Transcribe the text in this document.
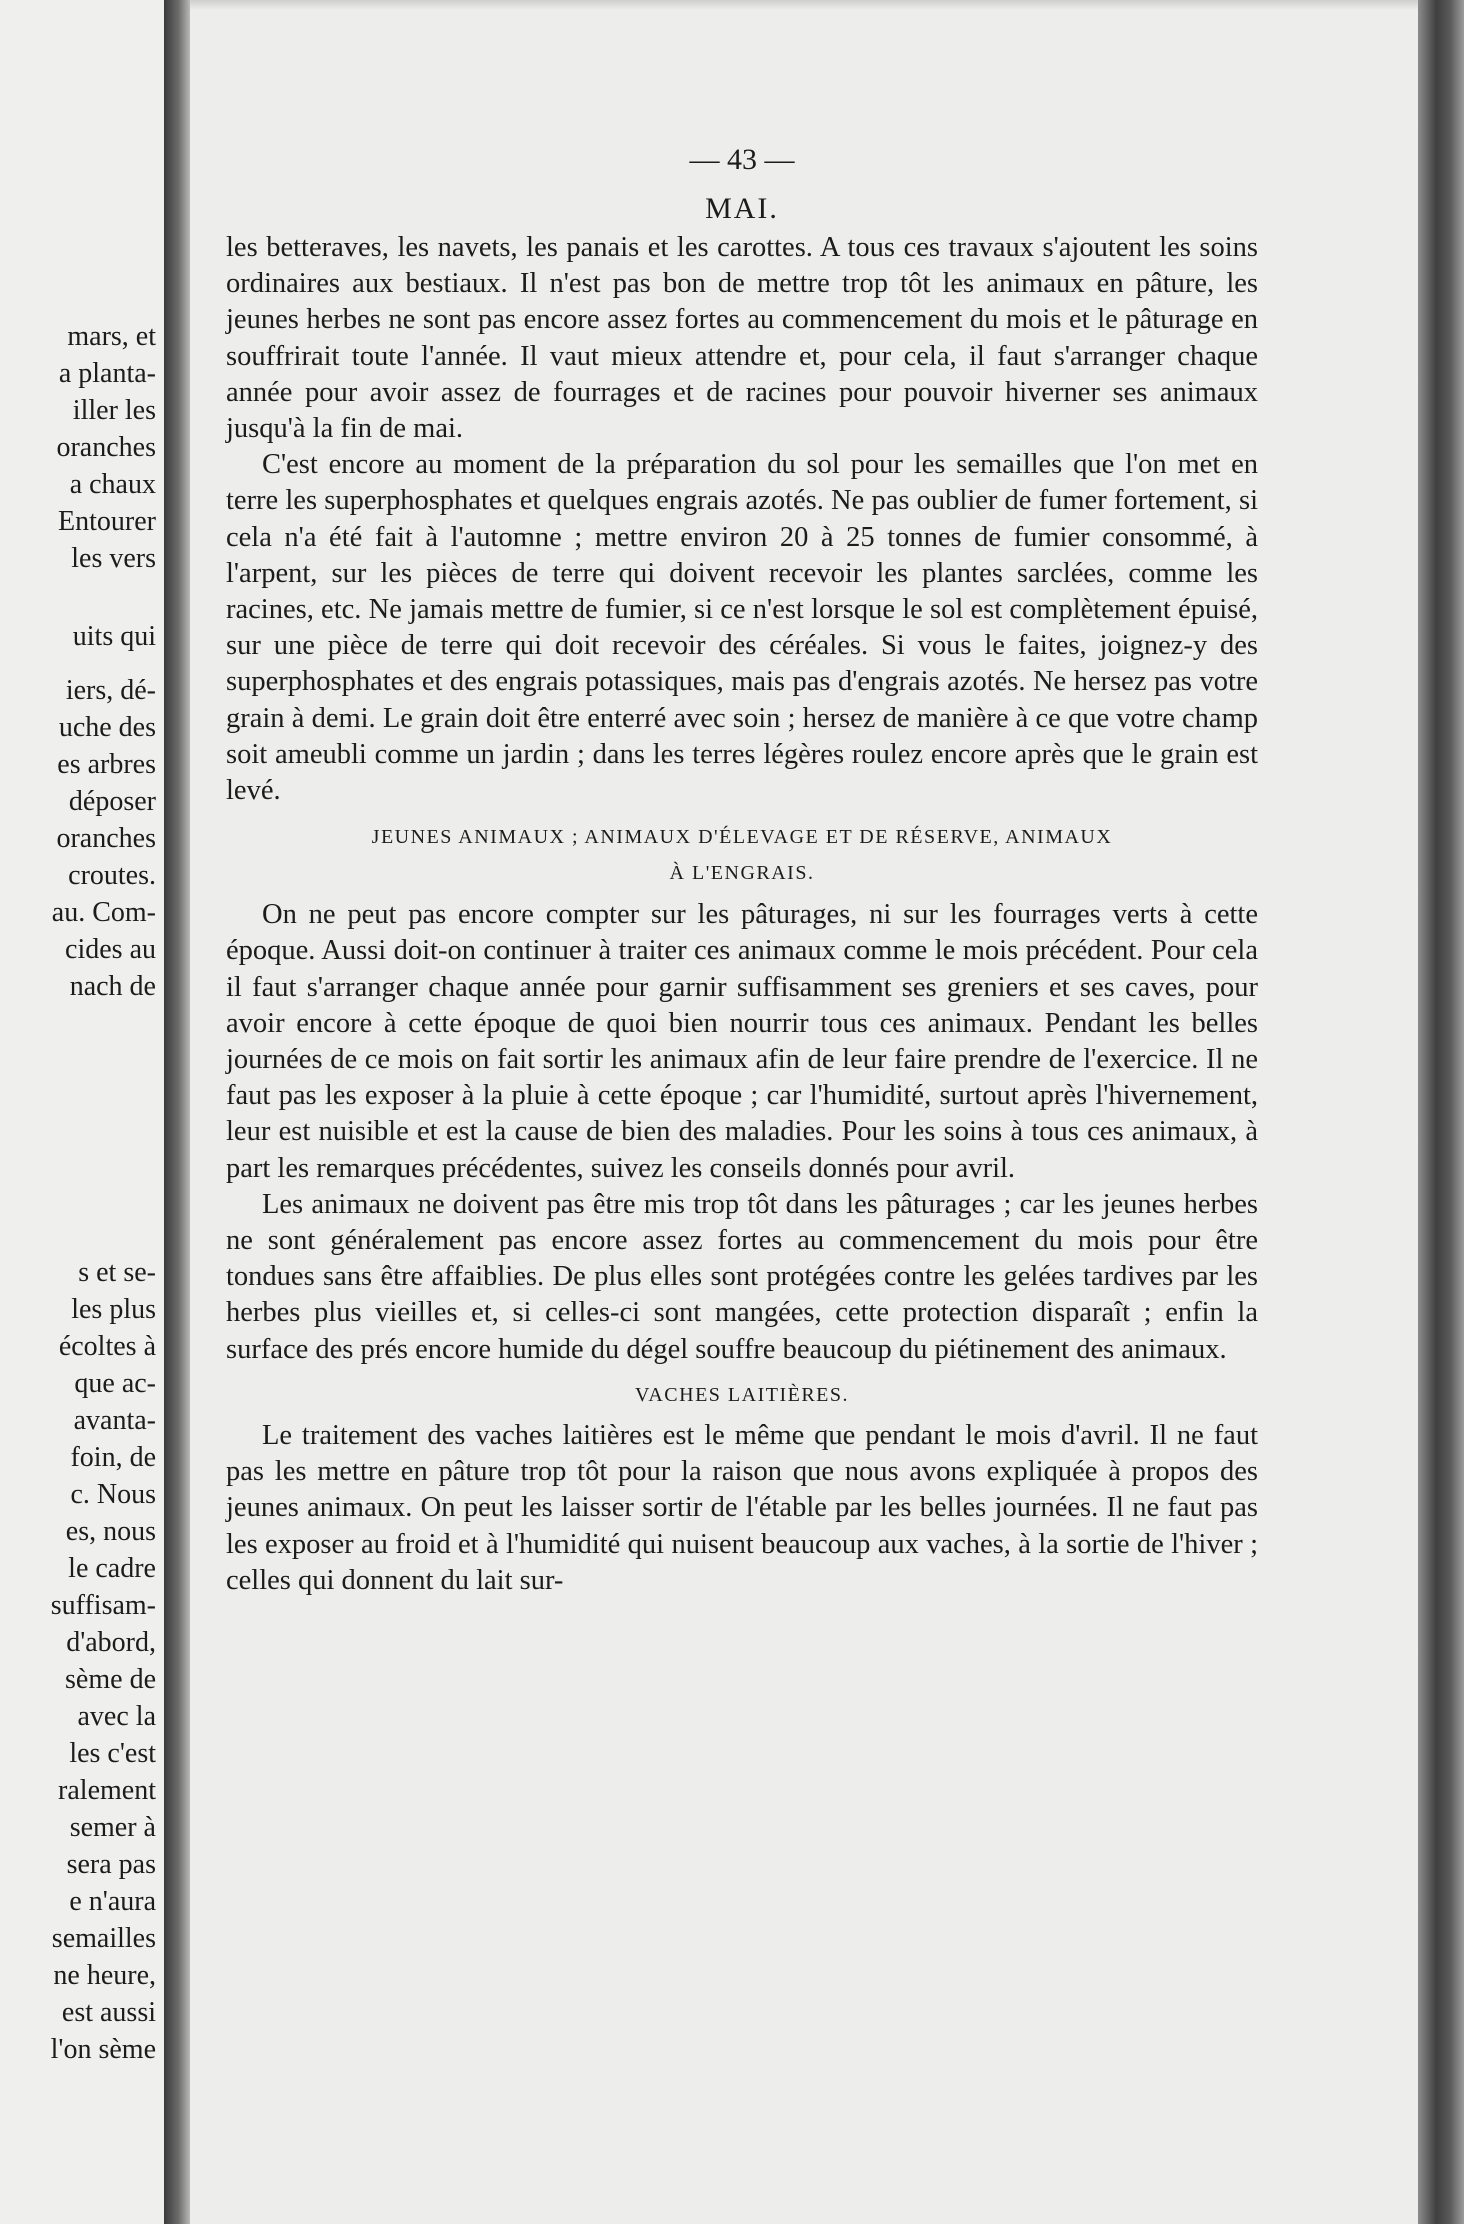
mars, et
a planta-
iller les
oranches
a chaux
Entourer
les vers
uits qui
iers, dé-
uche des
es arbres
déposer
oranches
croutes.
au. Com-
cides au
nach de
s et se-
les plus
écoltes à
que ac-
avanta-
foin, de
c. Nous
es, nous
le cadre
suffisam-
d'abord,
sème de
avec la
les c'est
ralement
semer à
sera pas
e n'aura
semailles
ne heure,
est aussi
l'on sème
— 43 —
MAI.

les betteraves, les navets, les panais et les carottes. A tous ces travaux s'ajoutent les soins ordinaires aux bestiaux. Il n'est pas bon de mettre trop tôt les animaux en pâture, les jeunes herbes ne sont pas encore assez fortes au commencement du mois et le pâturage en souffrirait toute l'année. Il vaut mieux attendre et, pour cela, il faut s'arranger chaque année pour avoir assez de fourrages et de racines pour pouvoir hiverner ses animaux jusqu'à la fin de mai.

C'est encore au moment de la préparation du sol pour les semailles que l'on met en terre les superphosphates et quelques engrais azotés. Ne pas oublier de fumer fortement, si cela n'a été fait à l'automne ; mettre environ 20 à 25 tonnes de fumier consommé, à l'arpent, sur les pièces de terre qui doivent recevoir les plantes sarclées, comme les racines, etc. Ne jamais mettre de fumier, si ce n'est lorsque le sol est complètement épuisé, sur une pièce de terre qui doit recevoir des céréales. Si vous le faites, joignez-y des superphosphates et des engrais potassiques, mais pas d'engrais azotés. Ne hersez pas votre grain à demi. Le grain doit être enterré avec soin ; hersez de manière à ce que votre champ soit ameubli comme un jardin ; dans les terres légères roulez encore après que le grain est levé.

JEUNES ANIMAUX ; ANIMAUX D'ÉLEVAGE ET DE RÉSERVE, ANIMAUX
À L'ENGRAIS.

On ne peut pas encore compter sur les pâturages, ni sur les fourrages verts à cette époque. Aussi doit-on continuer à traiter ces animaux comme le mois précédent. Pour cela il faut s'arranger chaque année pour garnir suffisamment ses greniers et ses caves, pour avoir encore à cette époque de quoi bien nourrir tous ces animaux. Pendant les belles journées de ce mois on fait sortir les animaux afin de leur faire prendre de l'exercice. Il ne faut pas les exposer à la pluie à cette époque ; car l'humidité, surtout après l'hivernement, leur est nuisible et est la cause de bien des maladies. Pour les soins à tous ces animaux, à part les remarques précédentes, suivez les conseils donnés pour avril.

Les animaux ne doivent pas être mis trop tôt dans les pâturages ; car les jeunes herbes ne sont généralement pas encore assez fortes au commencement du mois pour être tondues sans être affaiblies. De plus elles sont protégées contre les gelées tardives par les herbes plus vieilles et, si celles-ci sont mangées, cette protection disparaît ; enfin la surface des prés encore humide du dégel souffre beaucoup du piétinement des animaux.

VACHES LAITIÈRES.

Le traitement des vaches laitières est le même que pendant le mois d'avril. Il ne faut pas les mettre en pâture trop tôt pour la raison que nous avons expliquée à propos des jeunes animaux. On peut les laisser sortir de l'étable par les belles journées. Il ne faut pas les exposer au froid et à l'humidité qui nuisent beaucoup aux vaches, à la sortie de l'hiver ; celles qui donnent du lait sur-
